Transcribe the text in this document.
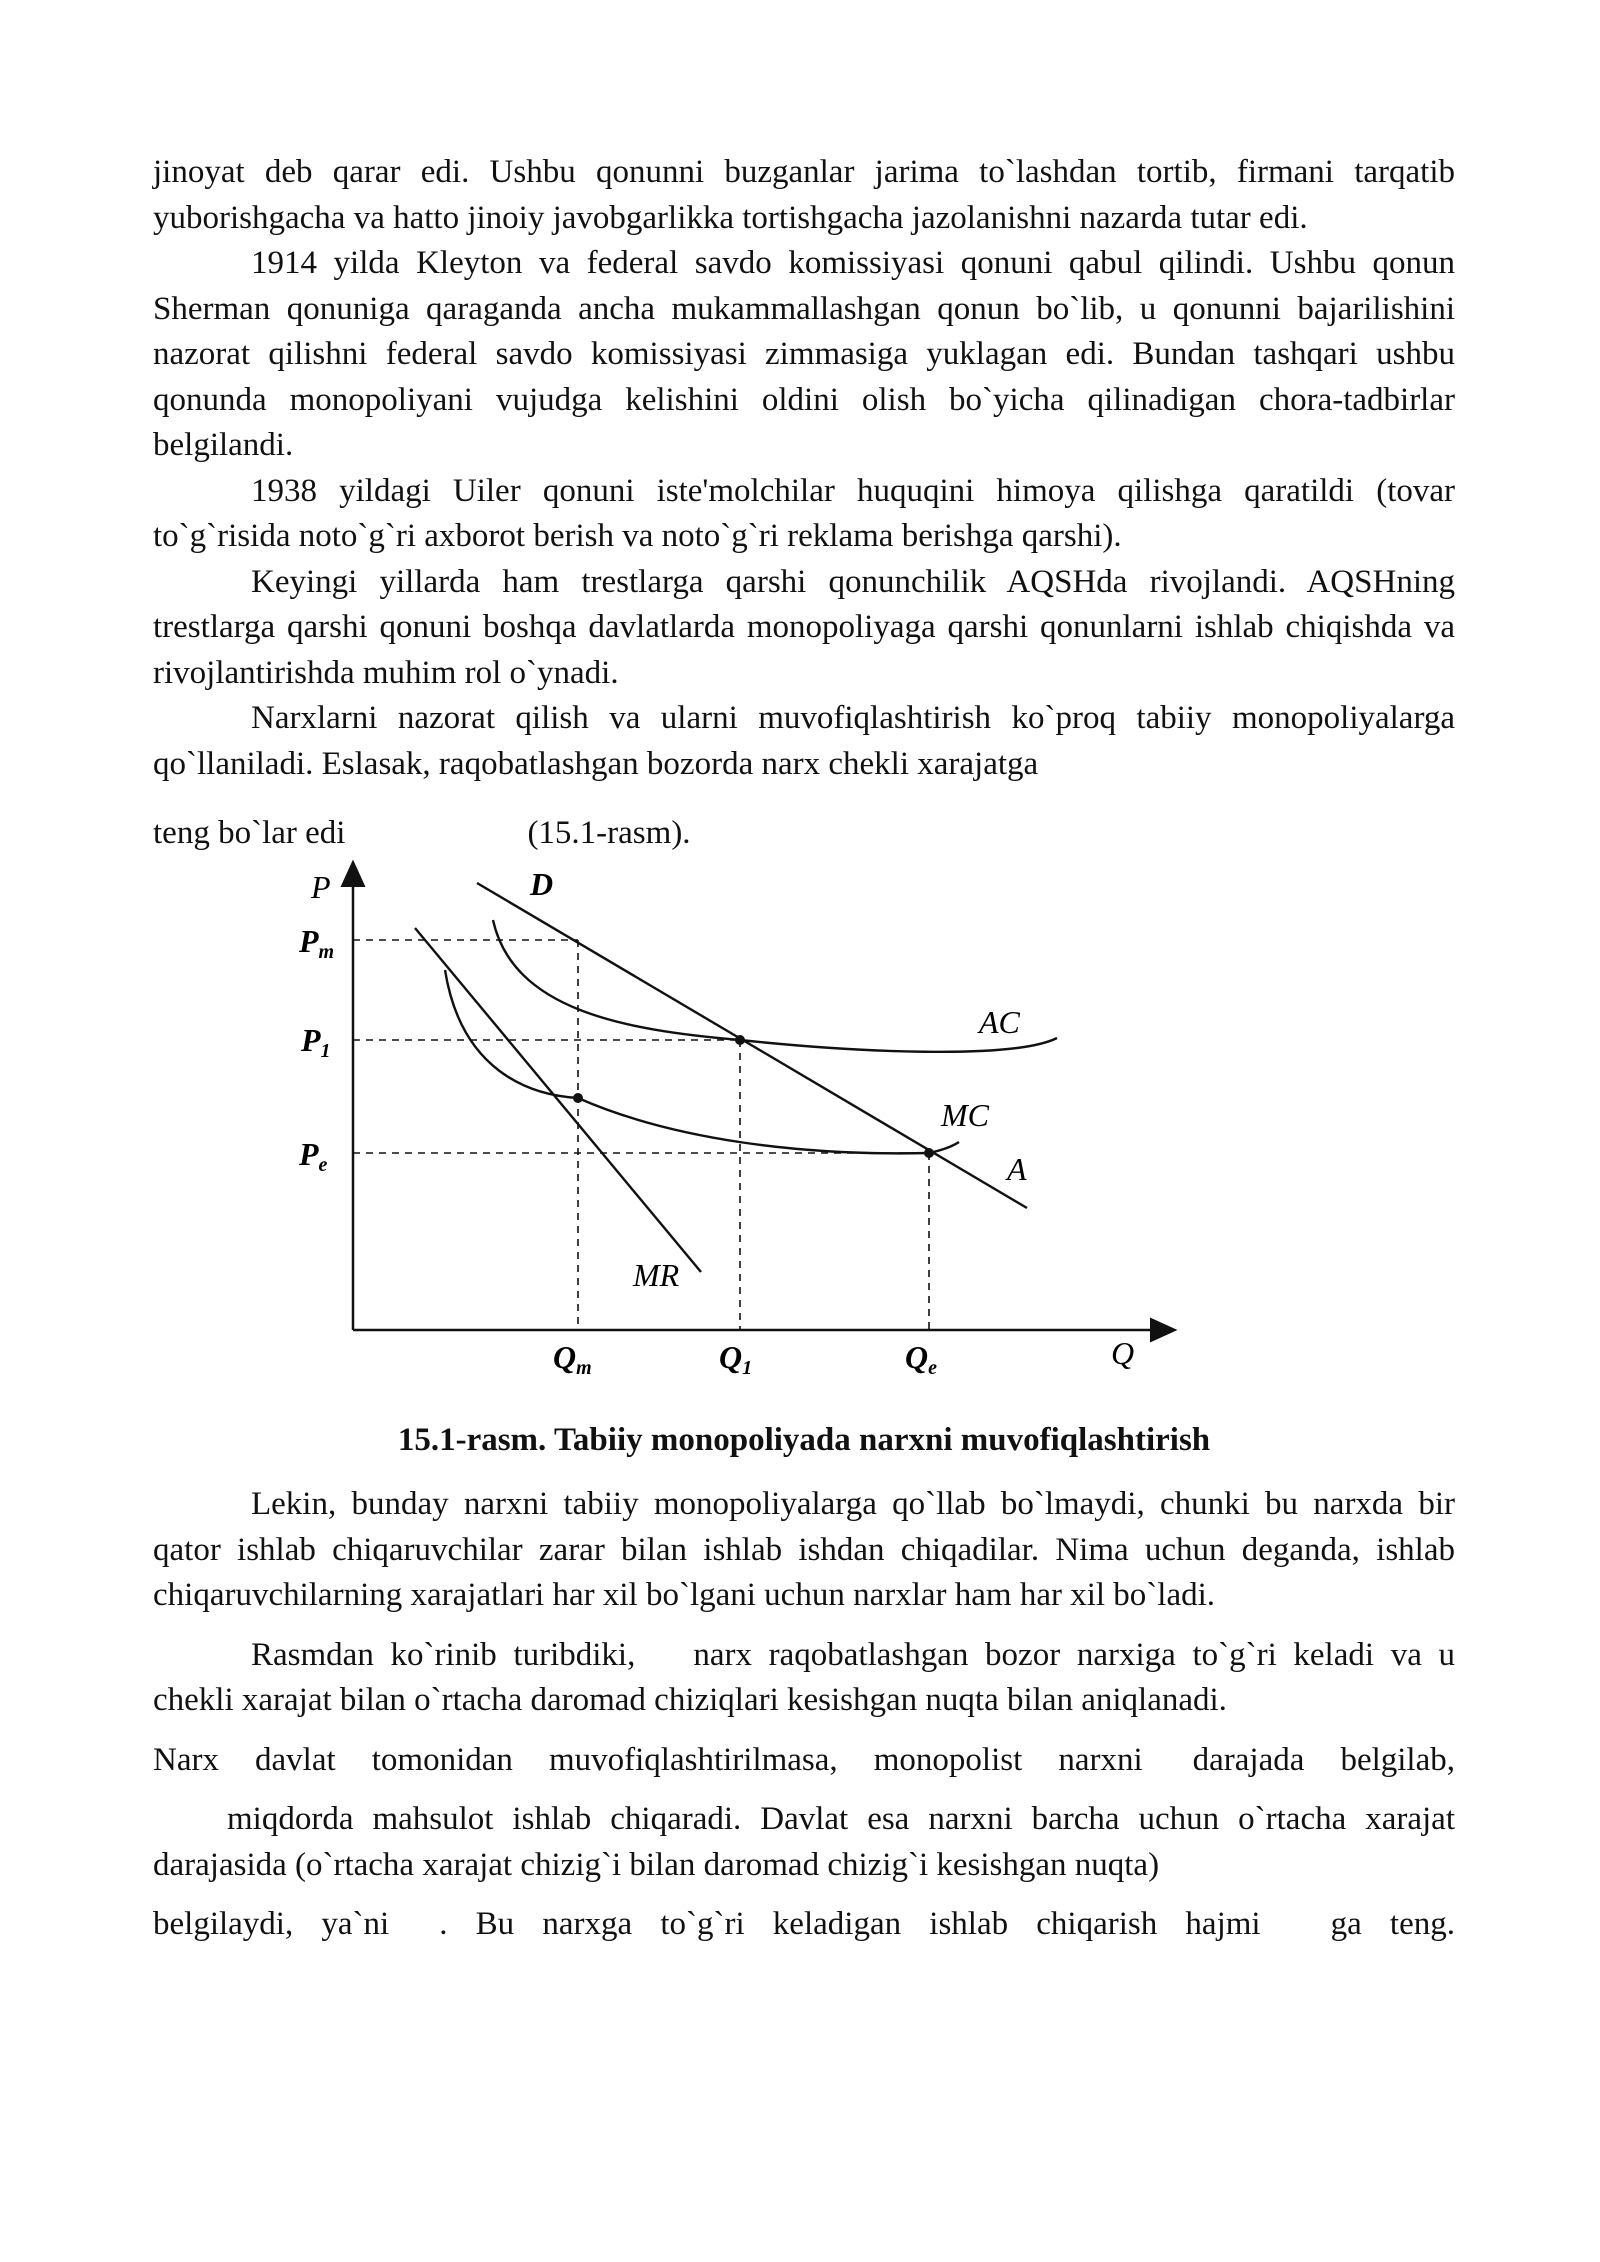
jinoyat deb qarar edi. Ushbu qonunni buzganlar jarima to`lashdan tortib, firmani tarqatib yuborishgacha va hatto jinoiy javobgarlikka tortishgacha jazolanishni nazarda tutar edi.

1914 yilda Kleyton va federal savdo komissiyasi qonuni qabul qilindi. Ushbu qonun Sherman qonuniga qaraganda ancha mukammallashgan qonun bo`lib, u qonunni bajarilishini nazorat qilishni federal savdo komissiyasi zimmasiga yuklagan edi. Bundan tashqari ushbu qonunda monopoliyani vujudga kelishini oldini olish bo`yicha qilinadigan chora-tadbirlar belgilandi.

1938 yildagi Uiler qonuni iste'molchilar huquqini himoya qilishga qaratildi (tovar to`g`risida noto`g`ri axborot berish va noto`g`ri reklama berishga qarshi).

Keyingi yillarda ham trestlarga qarshi qonunchilik AQSHda rivojlandi. AQSHning trestlarga qarshi qonuni boshqa davlatlarda monopoliyaga qarshi qonunlarni ishlab chiqishda va rivojlantirishda muhim rol o`ynadi.

Narxlarni nazorat qilish va ularni muvofiqlashtirish ko`proq tabiiy monopoliyalarga qo`llaniladi. Eslasak, raqobatlashgan bozorda narx chekli xarajatga

teng bo`lar edi	(15.1-rasm).

P
Q
D
Pm
P1
Pe
Qm	Q1	Qe
AC
MC
A
MR

15.1-rasm. Tabiiy monopoliyada narxni muvofiqlashtirish

Lekin, bunday narxni tabiiy monopoliyalarga qo`llab bo`lmaydi, chunki bu narxda bir qator ishlab chiqaruvchilar zarar bilan ishlab ishdan chiqadilar. Nima uchun deganda, ishlab chiqaruvchilarning xarajatlari har xil bo`lgani uchun narxlar ham har xil bo`ladi.

Rasmdan ko`rinib turibdiki, narx raqobatlashgan bozor narxiga to`g`ri keladi va u chekli xarajat bilan o`rtacha daromad chiziqlari kesishgan nuqta bilan aniqlanadi.

Narx davlat tomonidan muvofiqlashtirilmasa, monopolist narxni darajada belgilab,

miqdorda mahsulot ishlab chiqaradi. Davlat esa narxni barcha uchun o`rtacha xarajat darajasida (o`rtacha xarajat chizig`i bilan daromad chizig`i kesishgan nuqta)

belgilaydi, ya`ni . Bu narxga to`g`ri keladigan ishlab chiqarish hajmi ga teng.
